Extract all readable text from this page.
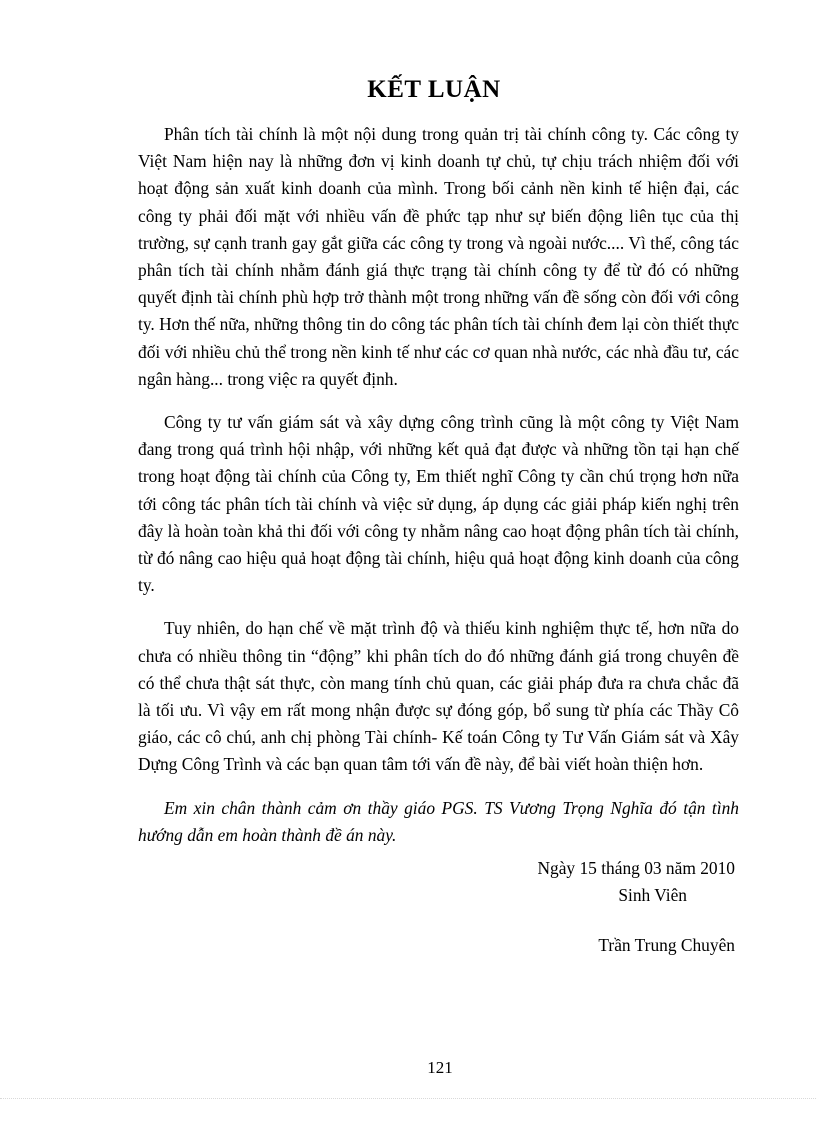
KẾT LUẬN

Phân tích tài chính là một nội dung trong quản trị tài chính công ty. Các công ty Việt Nam hiện nay là những đơn vị kinh doanh tự chủ, tự chịu trách nhiệm đối với hoạt động sản xuất kinh doanh của mình. Trong bối cảnh nền kinh tế hiện đại, các công ty phải đối mặt với nhiều vấn đề phức tạp như sự biến động liên tục của thị trường, sự cạnh tranh gay gắt giữa các công ty trong và ngoài nước.... Vì thế, công tác phân tích tài chính nhằm đánh giá thực trạng tài chính công ty để từ đó có những quyết định tài chính phù hợp trở thành một trong những vấn đề sống còn đối với công ty. Hơn thế nữa, những thông tin do công tác phân tích tài chính đem lại còn thiết thực đối với nhiều chủ thể trong nền kinh tế như các cơ quan nhà nước, các nhà đầu tư, các ngân hàng... trong việc ra quyết định.

Công ty tư vấn giám sát và xây dựng công trình cũng là một công ty Việt Nam đang trong quá trình hội nhập, với những kết quả đạt được và những tồn tại hạn chế trong hoạt động tài chính của Công ty, Em thiết nghĩ Công ty cần chú trọng hơn nữa tới công tác phân tích tài chính và việc sử dụng, áp dụng các giải pháp kiến nghị trên đây là hoàn toàn khả thi đối với công ty nhằm nâng cao hoạt động phân tích tài chính, từ đó nâng cao hiệu quả hoạt động tài chính, hiệu quả hoạt động kinh doanh của công ty.

Tuy nhiên, do hạn chế về mặt trình độ và thiếu kinh nghiệm thực tế, hơn nữa do chưa có nhiều thông tin “động” khi phân tích do đó những đánh giá trong chuyên đề có thể chưa thật sát thực, còn mang tính chủ quan, các giải pháp đưa ra chưa chắc đã là tối ưu. Vì vậy em rất mong nhận được sự đóng góp, bổ sung từ phía các Thầy Cô giáo, các cô chú, anh chị phòng Tài chính- Kế toán Công ty Tư Vấn Giám sát và Xây Dựng Công Trình và các bạn quan tâm tới vấn đề này, để bài viết hoàn thiện hơn.

Em xin chân thành cảm ơn thầy giáo PGS. TS Vương Trọng Nghĩa đó tận tình hướng dẫn em hoàn thành đề án này.

Ngày 15 tháng 03 năm 2010

Sinh Viên

Trần Trung Chuyên

121
